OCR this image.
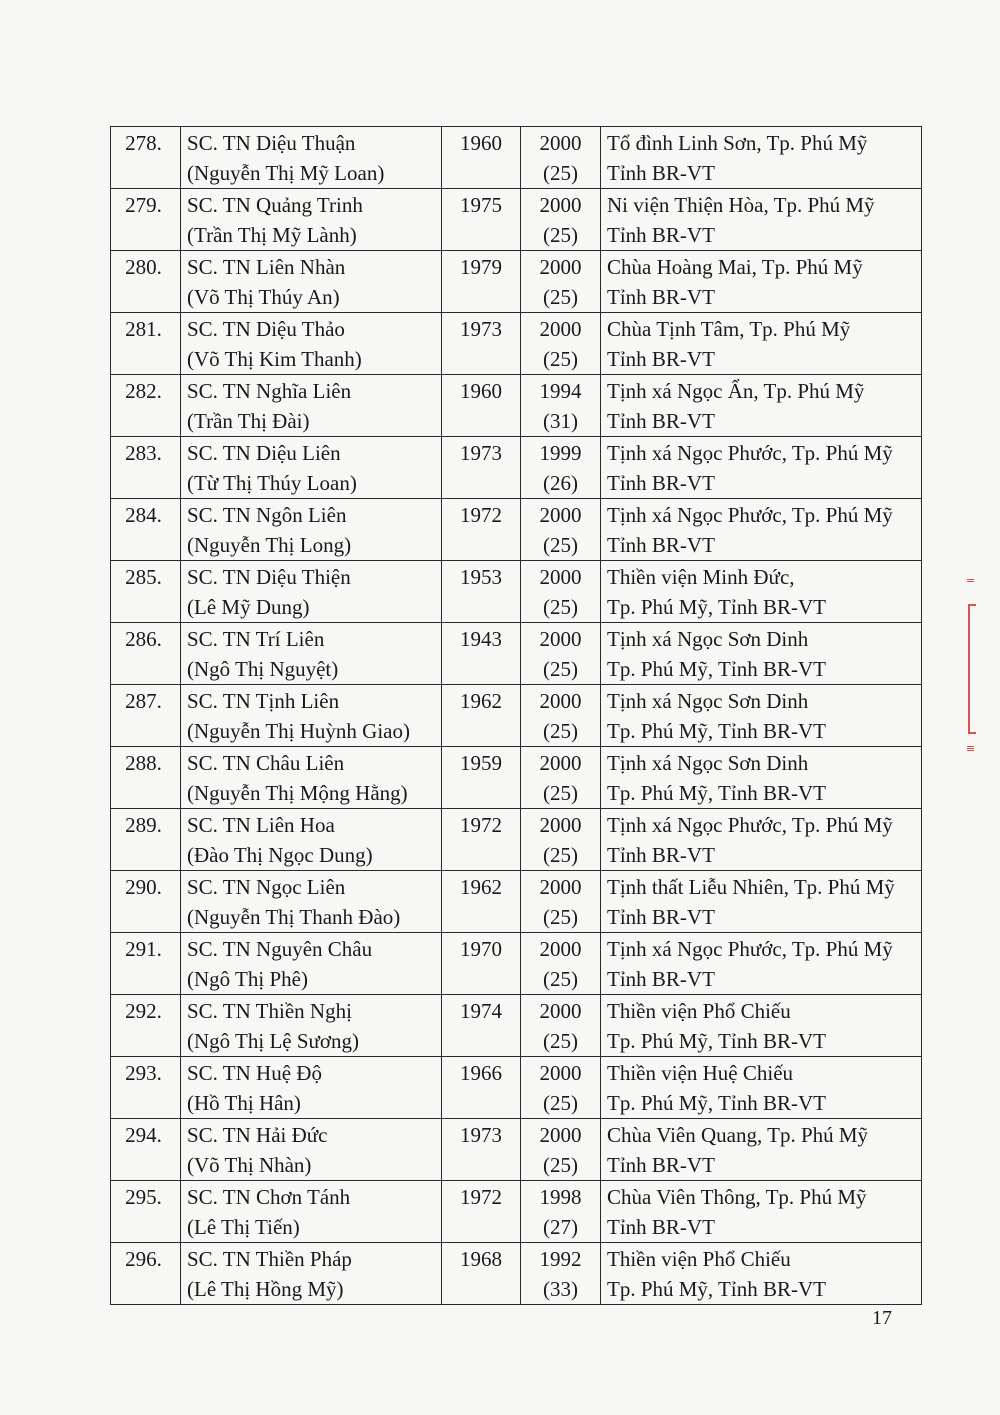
278.	SC. TN Diệu Thuận
(Nguyễn Thị Mỹ Loan)	1960	2000
(25)	Tổ đình Linh Sơn, Tp. Phú Mỹ
Tỉnh BR-VT

279.	SC. TN Quảng Trinh
(Trần Thị Mỹ Lành)	1975	2000
(25)	Ni viện Thiện Hòa, Tp. Phú Mỹ
Tỉnh BR-VT

280.	SC. TN Liên Nhàn
(Võ Thị Thúy An)	1979	2000
(25)	Chùa Hoàng Mai, Tp. Phú Mỹ
Tỉnh BR-VT

281.	SC. TN Diệu Thảo
(Võ Thị Kim Thanh)	1973	2000
(25)	Chùa Tịnh Tâm, Tp. Phú Mỹ
Tỉnh BR-VT

282.	SC. TN Nghĩa Liên
(Trần Thị Đài)	1960	1994
(31)	Tịnh xá Ngọc Ẩn, Tp. Phú Mỹ
Tỉnh BR-VT

283.	SC. TN Diệu Liên
(Từ Thị Thúy Loan)	1973	1999
(26)	Tịnh xá Ngọc Phước, Tp. Phú Mỹ
Tỉnh BR-VT

284.	SC. TN Ngôn Liên
(Nguyễn Thị Long)	1972	2000
(25)	Tịnh xá Ngọc Phước, Tp. Phú Mỹ
Tỉnh BR-VT

285.	SC. TN Diệu Thiện
(Lê Mỹ Dung)	1953	2000
(25)	Thiền viện Minh Đức,
Tp. Phú Mỹ, Tỉnh BR-VT

286.	SC. TN Trí Liên
(Ngô Thị Nguyệt)	1943	2000
(25)	Tịnh xá Ngọc Sơn Dinh
Tp. Phú Mỹ, Tỉnh BR-VT

287.	SC. TN Tịnh Liên
(Nguyễn Thị Huỳnh Giao)	1962	2000
(25)	Tịnh xá Ngọc Sơn Dinh
Tp. Phú Mỹ, Tỉnh BR-VT

288.	SC. TN Châu Liên
(Nguyễn Thị Mộng Hằng)	1959	2000
(25)	Tịnh xá Ngọc Sơn Dinh
Tp. Phú Mỹ, Tỉnh BR-VT

289.	SC. TN Liên Hoa
(Đào Thị Ngọc Dung)	1972	2000
(25)	Tịnh xá Ngọc Phước, Tp. Phú Mỹ
Tỉnh BR-VT

290.	SC. TN Ngọc Liên
(Nguyễn Thị Thanh Đào)	1962	2000
(25)	Tịnh thất Liễu Nhiên, Tp. Phú Mỹ
Tỉnh BR-VT

291.	SC. TN Nguyên Châu
(Ngô Thị Phê)	1970	2000
(25)	Tịnh xá Ngọc Phước, Tp. Phú Mỹ
Tỉnh BR-VT

292.	SC. TN Thiền Nghị
(Ngô Thị Lệ Sương)	1974	2000
(25)	Thiền viện Phổ Chiếu
Tp. Phú Mỹ, Tỉnh BR-VT

293.	SC. TN Huệ Độ
(Hồ Thị Hân)	1966	2000
(25)	Thiền viện Huệ Chiếu
Tp. Phú Mỹ, Tỉnh BR-VT

294.	SC. TN Hải Đức
(Võ Thị Nhàn)	1973	2000
(25)	Chùa Viên Quang, Tp. Phú Mỹ
Tỉnh BR-VT

295.	SC. TN Chơn Tánh
(Lê Thị Tiến)	1972	1998
(27)	Chùa Viên Thông, Tp. Phú Mỹ
Tỉnh BR-VT

296.	SC. TN Thiền Pháp
(Lê Thị Hồng Mỹ)	1968	1992
(33)	Thiền viện Phổ Chiếu
Tp. Phú Mỹ, Tỉnh BR-VT
=
≡
17
